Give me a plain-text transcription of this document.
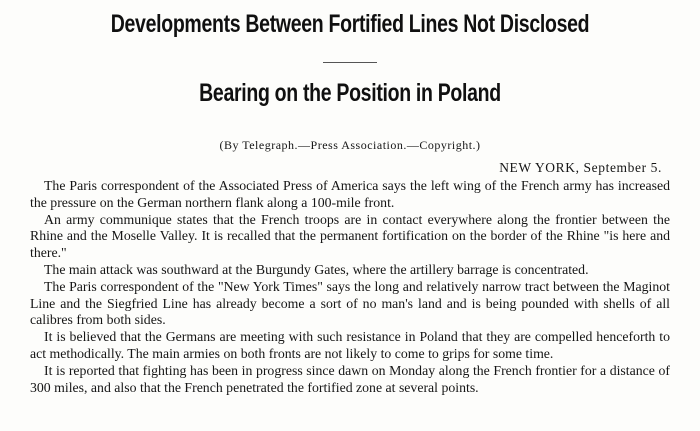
Developments Between Fortified Lines Not Disclosed
Bearing on the Position in Poland
(By Telegraph.—Press Association.—Copyright.)
NEW YORK, September 5.

The Paris correspondent of the Associated Press of America says the left wing of the French army has increased the pressure on the German northern flank along a 100-mile front.

An army communique states that the French troops are in contact everywhere along the frontier between the Rhine and the Moselle Valley. It is recalled that the permanent fortification on the border of the Rhine "is here and there."

The main attack was southward at the Burgundy Gates, where the artillery barrage is concentrated.

The Paris correspondent of the "New York Times" says the long and relatively narrow tract between the Maginot Line and the Siegfried Line has already become a sort of no man's land and is being pounded with shells of all calibres from both sides.

It is believed that the Germans are meeting with such resistance in Poland that they are compelled henceforth to act methodically. The main armies on both fronts are not likely to come to grips for some time.

It is reported that fighting has been in progress since dawn on Monday along the French frontier for a distance of 300 miles, and also that the French penetrated the fortified zone at several points.
